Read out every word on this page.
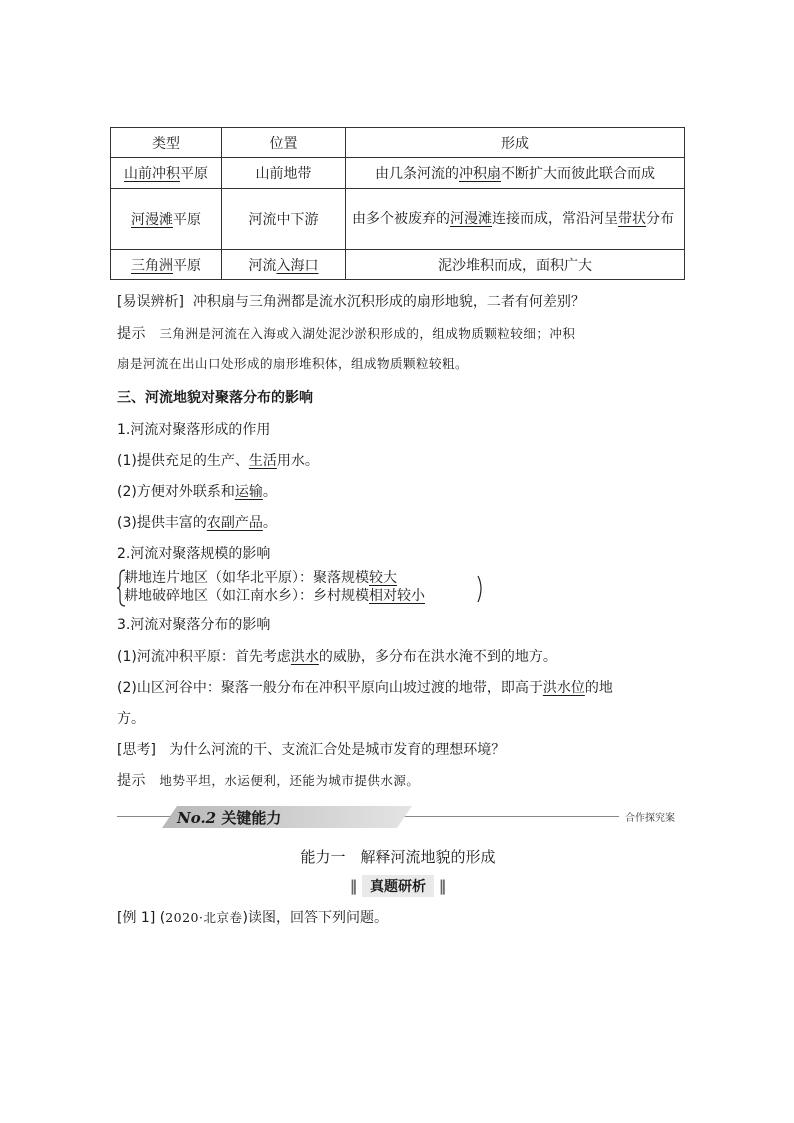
类型	位置	形成
山前冲积平原	山前地带	由几条河流的冲积扇不断扩大而彼此联合而成
河漫滩平原	河流中下游	由多个被废弃的河漫滩连接而成，常沿河呈带状分布
三角洲平原	河流入海口	泥沙堆积而成，面积广大
[易误辨析] 冲积扇与三角洲都是流水沉积形成的扇形地貌，二者有何差别？
提示 三角洲是河流在入海或入湖处泥沙淤积形成的，组成物质颗粒较细；冲积
扇是河流在出山口处形成的扇形堆积体，组成物质颗粒较粗。
三、河流地貌对聚落分布的影响
1.河流对聚落形成的作用
(1)提供充足的生产、生活用水。
(2)方便对外联系和运输。
(3)提供丰富的农副产品。
2.河流对聚落规模的影响
耕地连片地区（如华北平原）：聚落规模较大
耕地破碎地区（如江南水乡）：乡村规模相对较小
3.河流对聚落分布的影响
(1)河流冲积平原：首先考虑洪水的威胁，多分布在洪水淹不到的地方。
(2)山区河谷中：聚落一般分布在冲积平原向山坡过渡的地带，即高于洪水位的地
方。
[思考] 为什么河流的干、支流汇合处是城市发育的理想环境？
提示 地势平坦，水运便利，还能为城市提供水源。
No.2 关键能力	合作探究案
能力一　解释河流地貌的形成
‖ 真题研析 ‖
[例 1] (2020·北京卷)读图，回答下列问题。
